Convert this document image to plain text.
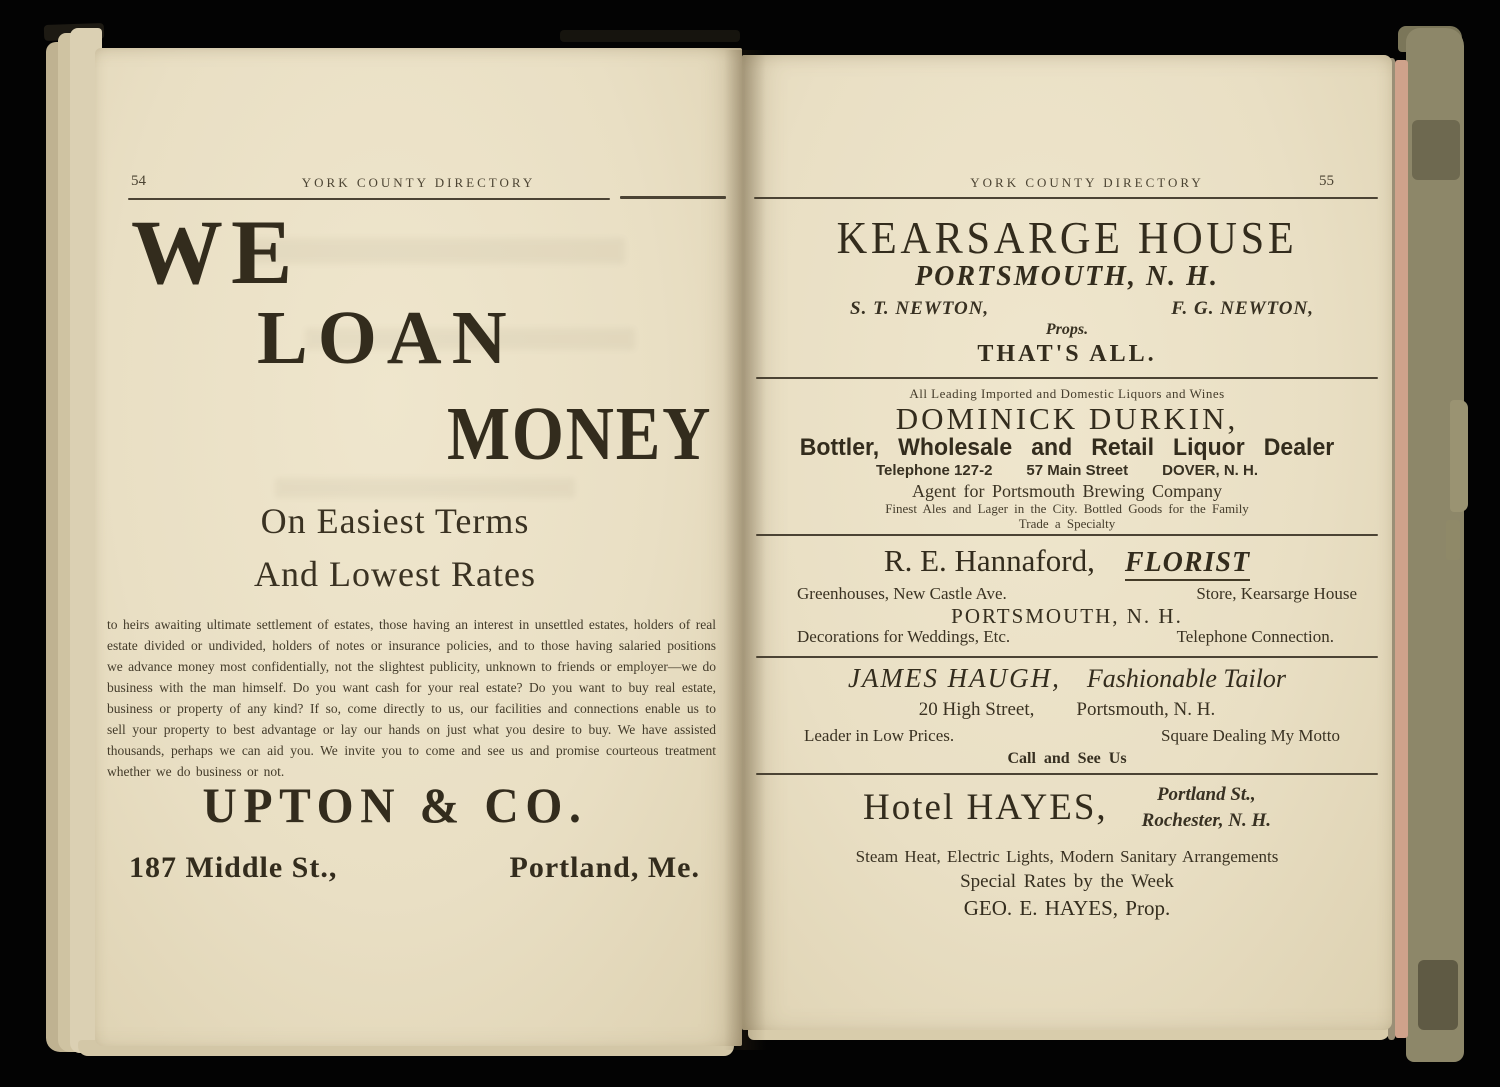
54	YORK COUNTY DIRECTORY
WE
LOAN
MONEY
On Easiest Terms
And Lowest Rates
to heirs awaiting ultimate settlement of estates, those having an interest in unsettled estates, holders of real estate divided or undivided, holders of notes or insurance policies, and to those having salaried positions we advance money most confidentially, not the slightest publicity, unknown to friends or employer—we do business with the man himself. Do you want cash for your real estate? Do you want to buy real estate, business or property of any kind? If so, come directly to us, our facilities and connections enable us to sell your property to best advantage or lay our hands on just what you desire to buy. We have assisted thousands, perhaps we can aid you. We invite you to come and see us and promise courteous treatment whether we do business or not.
UPTON & CO.
187 Middle St.,	Portland, Me.
YORK COUNTY DIRECTORY	55
KEARSARGE HOUSE
PORTSMOUTH, N. H.
S. T. NEWTON,	F. G. NEWTON,
Props.
THAT'S ALL.
All Leading Imported and Domestic Liquors and Wines
DOMINICK DURKIN,
Bottler, Wholesale and Retail Liquor Dealer
Telephone 127-2 57 Main Street DOVER, N. H.
Agent for Portsmouth Brewing Company
Finest Ales and Lager in the City. Bottled Goods for the Family
Trade a Specialty
R. E. Hannaford, FLORIST
Greenhouses, New Castle Ave.	Store, Kearsarge House
PORTSMOUTH, N. H.
Decorations for Weddings, Etc.	Telephone Connection.
JAMES HAUGH, Fashionable Tailor
20 High Street, Portsmouth, N. H.
Leader in Low Prices.	Square Dealing My Motto
Call and See Us
Hotel HAYES,	Portland St.,
Rochester, N. H.
Steam Heat, Electric Lights, Modern Sanitary Arrangements
Special Rates by the Week
GEO. E. HAYES, Prop.
